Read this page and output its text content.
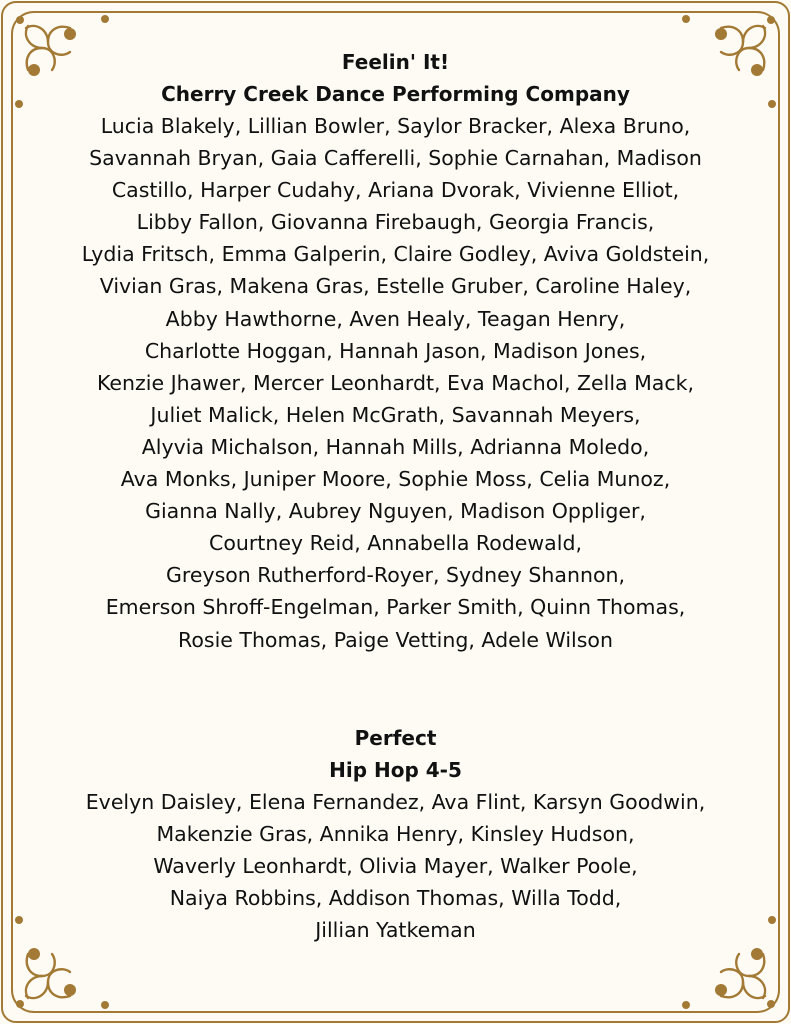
Feelin' It!

Cherry Creek Dance Performing Company

Lucia Blakely, Lillian Bowler, Saylor Bracker, Alexa Bruno,
Savannah Bryan, Gaia Cafferelli, Sophie Carnahan, Madison
Castillo, Harper Cudahy, Ariana Dvorak, Vivienne Elliot,
Libby Fallon, Giovanna Firebaugh, Georgia Francis,
Lydia Fritsch, Emma Galperin, Claire Godley, Aviva Goldstein,
Vivian Gras, Makena Gras, Estelle Gruber, Caroline Haley,
Abby Hawthorne, Aven Healy, Teagan Henry,
Charlotte Hoggan, Hannah Jason, Madison Jones,
Kenzie Jhawer, Mercer Leonhardt, Eva Machol, Zella Mack,
Juliet Malick, Helen McGrath, Savannah Meyers,
Alyvia Michalson, Hannah Mills, Adrianna Moledo,
Ava Monks, Juniper Moore, Sophie Moss, Celia Munoz,
Gianna Nally, Aubrey Nguyen, Madison Oppliger,
Courtney Reid, Annabella Rodewald,
Greyson Rutherford-Royer, Sydney Shannon,
Emerson Shroff-Engelman, Parker Smith, Quinn Thomas,
Rosie Thomas, Paige Vetting, Adele Wilson

Perfect

Hip Hop 4-5

Evelyn Daisley, Elena Fernandez, Ava Flint, Karsyn Goodwin,
Makenzie Gras, Annika Henry, Kinsley Hudson,
Waverly Leonhardt, Olivia Mayer, Walker Poole,
Naiya Robbins, Addison Thomas, Willa Todd,
Jillian Yatkeman
